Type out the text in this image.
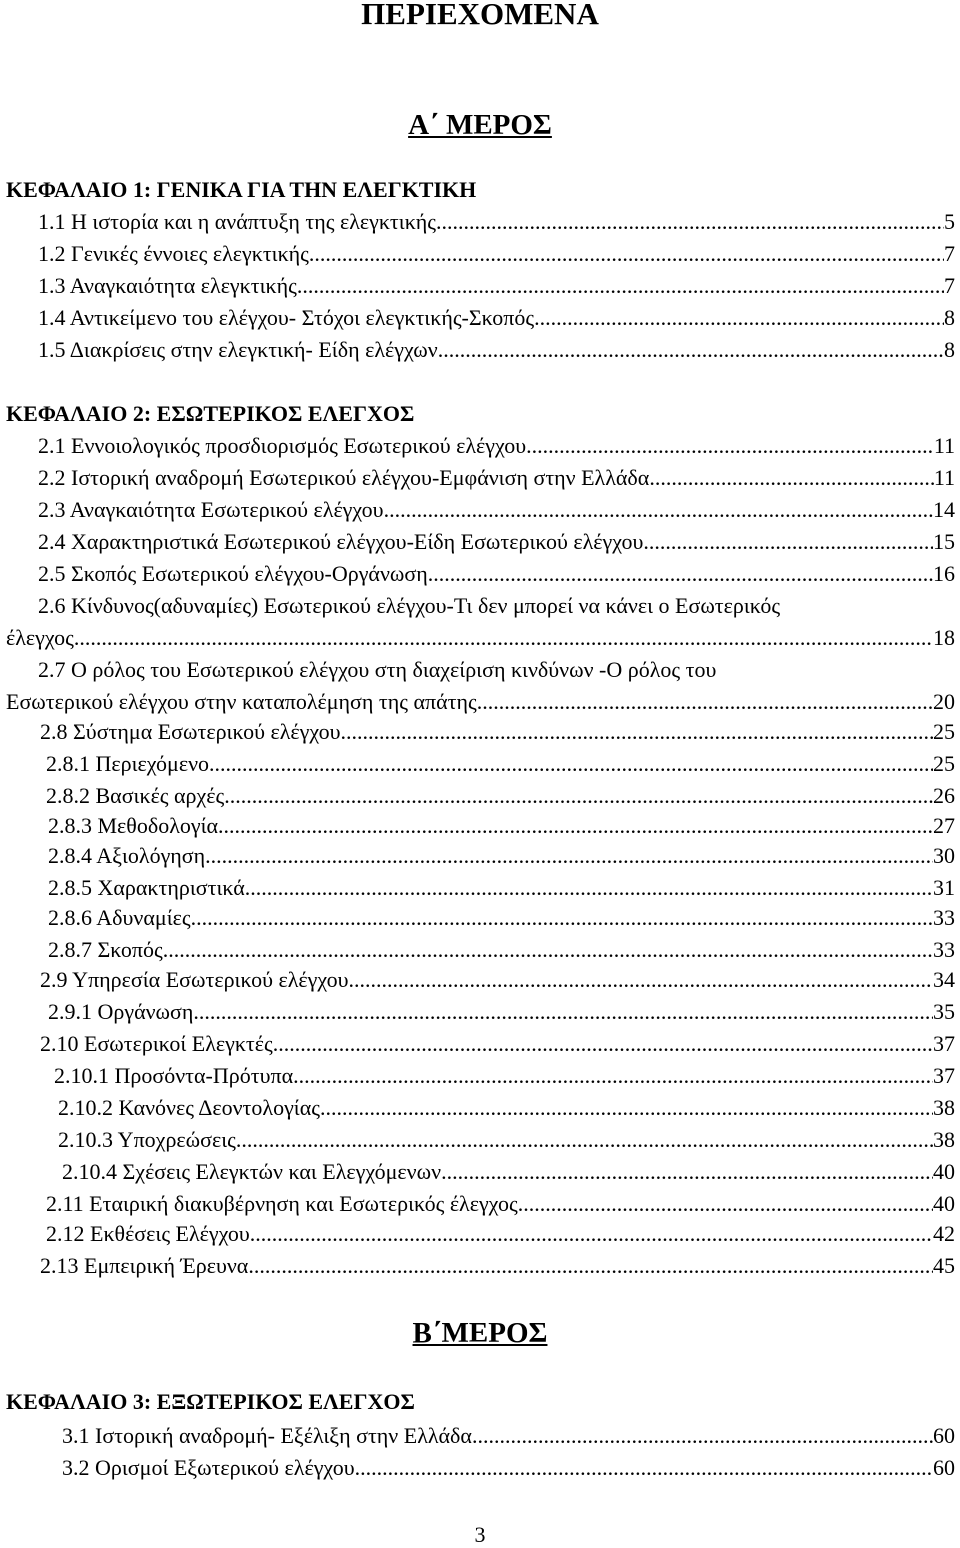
ΠΕΡΙΕΧΟΜΕΝΑ
Α΄ ΜΕΡΟΣ
ΚΕΦΑΛΑΙΟ 1: ΓΕΝΙΚΑ ΓΙΑ ΤΗΝ ΕΛΕΓΚΤΙΚΗ
1.1 Η ιστορία και η ανάπτυξη της ελεγκτικής .....	5
1.2 Γενικές έννοιες ελεγκτικής .....	7
1.3 Αναγκαιότητα ελεγκτικής .....	7
1.4 Αντικείμενο του ελέγχου- Στόχοι ελεγκτικής-Σκοπός .....	8
1.5 Διακρίσεις στην ελεγκτική- Είδη ελέγχων .....	8
ΚΕΦΑΛΑΙΟ 2: ΕΣΩΤΕΡΙΚΟΣ ΕΛΕΓΧΟΣ
2.1 Εννοιολογικός προσδιορισμός Εσωτερικού ελέγχου .....	11
2.2 Ιστορική αναδρομή Εσωτερικού ελέγχου-Εμφάνιση στην Ελλάδα .....	11
2.3 Αναγκαιότητα Εσωτερικού ελέγχου .....	14
2.4 Χαρακτηριστικά Εσωτερικού ελέγχου-Είδη Εσωτερικού ελέγχου .....	15
2.5 Σκοπός Εσωτερικού ελέγχου-Οργάνωση .....	16
2.6 Κίνδυνος(αδυναμίες) Εσωτερικού ελέγχου-Τι δεν μπορεί να κάνει ο Εσωτερικός
έλεγχος .....	18
2.7 Ο ρόλος του Εσωτερικού ελέγχου στη διαχείριση κινδύνων -Ο ρόλος του
Εσωτερικού ελέγχου στην καταπολέμηση της απάτης .....	20
2.8 Σύστημα Εσωτερικού ελέγχου .....	25
2.8.1 Περιεχόμενο .....	25
2.8.2 Βασικές αρχές .....	26
2.8.3 Μεθοδολογία .....	27
2.8.4 Αξιολόγηση .....	30
2.8.5 Χαρακτηριστικά .....	31
2.8.6 Αδυναμίες .....	33
2.8.7 Σκοπός .....	33
2.9 Υπηρεσία Εσωτερικού ελέγχου .....	34
2.9.1 Οργάνωση .....	35
2.10 Εσωτερικοί Ελεγκτές .....	37
2.10.1 Προσόντα-Πρότυπα .....	37
2.10.2 Κανόνες Δεοντολογίας .....	38
2.10.3 Υποχρεώσεις .....	38
2.10.4 Σχέσεις Ελεγκτών και Ελεγχόμενων .....	40
2.11 Εταιρική διακυβέρνηση και Εσωτερικός έλεγχος .....	40
2.12 Εκθέσεις Ελέγχου .....	42
2.13 Εμπειρική Έρευνα .....	45
Β΄ΜΕΡΟΣ
ΚΕΦΑΛΑΙΟ 3: ΕΞΩΤΕΡΙΚΟΣ ΕΛΕΓΧΟΣ
3.1 Ιστορική αναδρομή- Εξέλιξη στην Ελλάδα .....	60
3.2 Ορισμοί Εξωτερικού ελέγχου .....	60
3
